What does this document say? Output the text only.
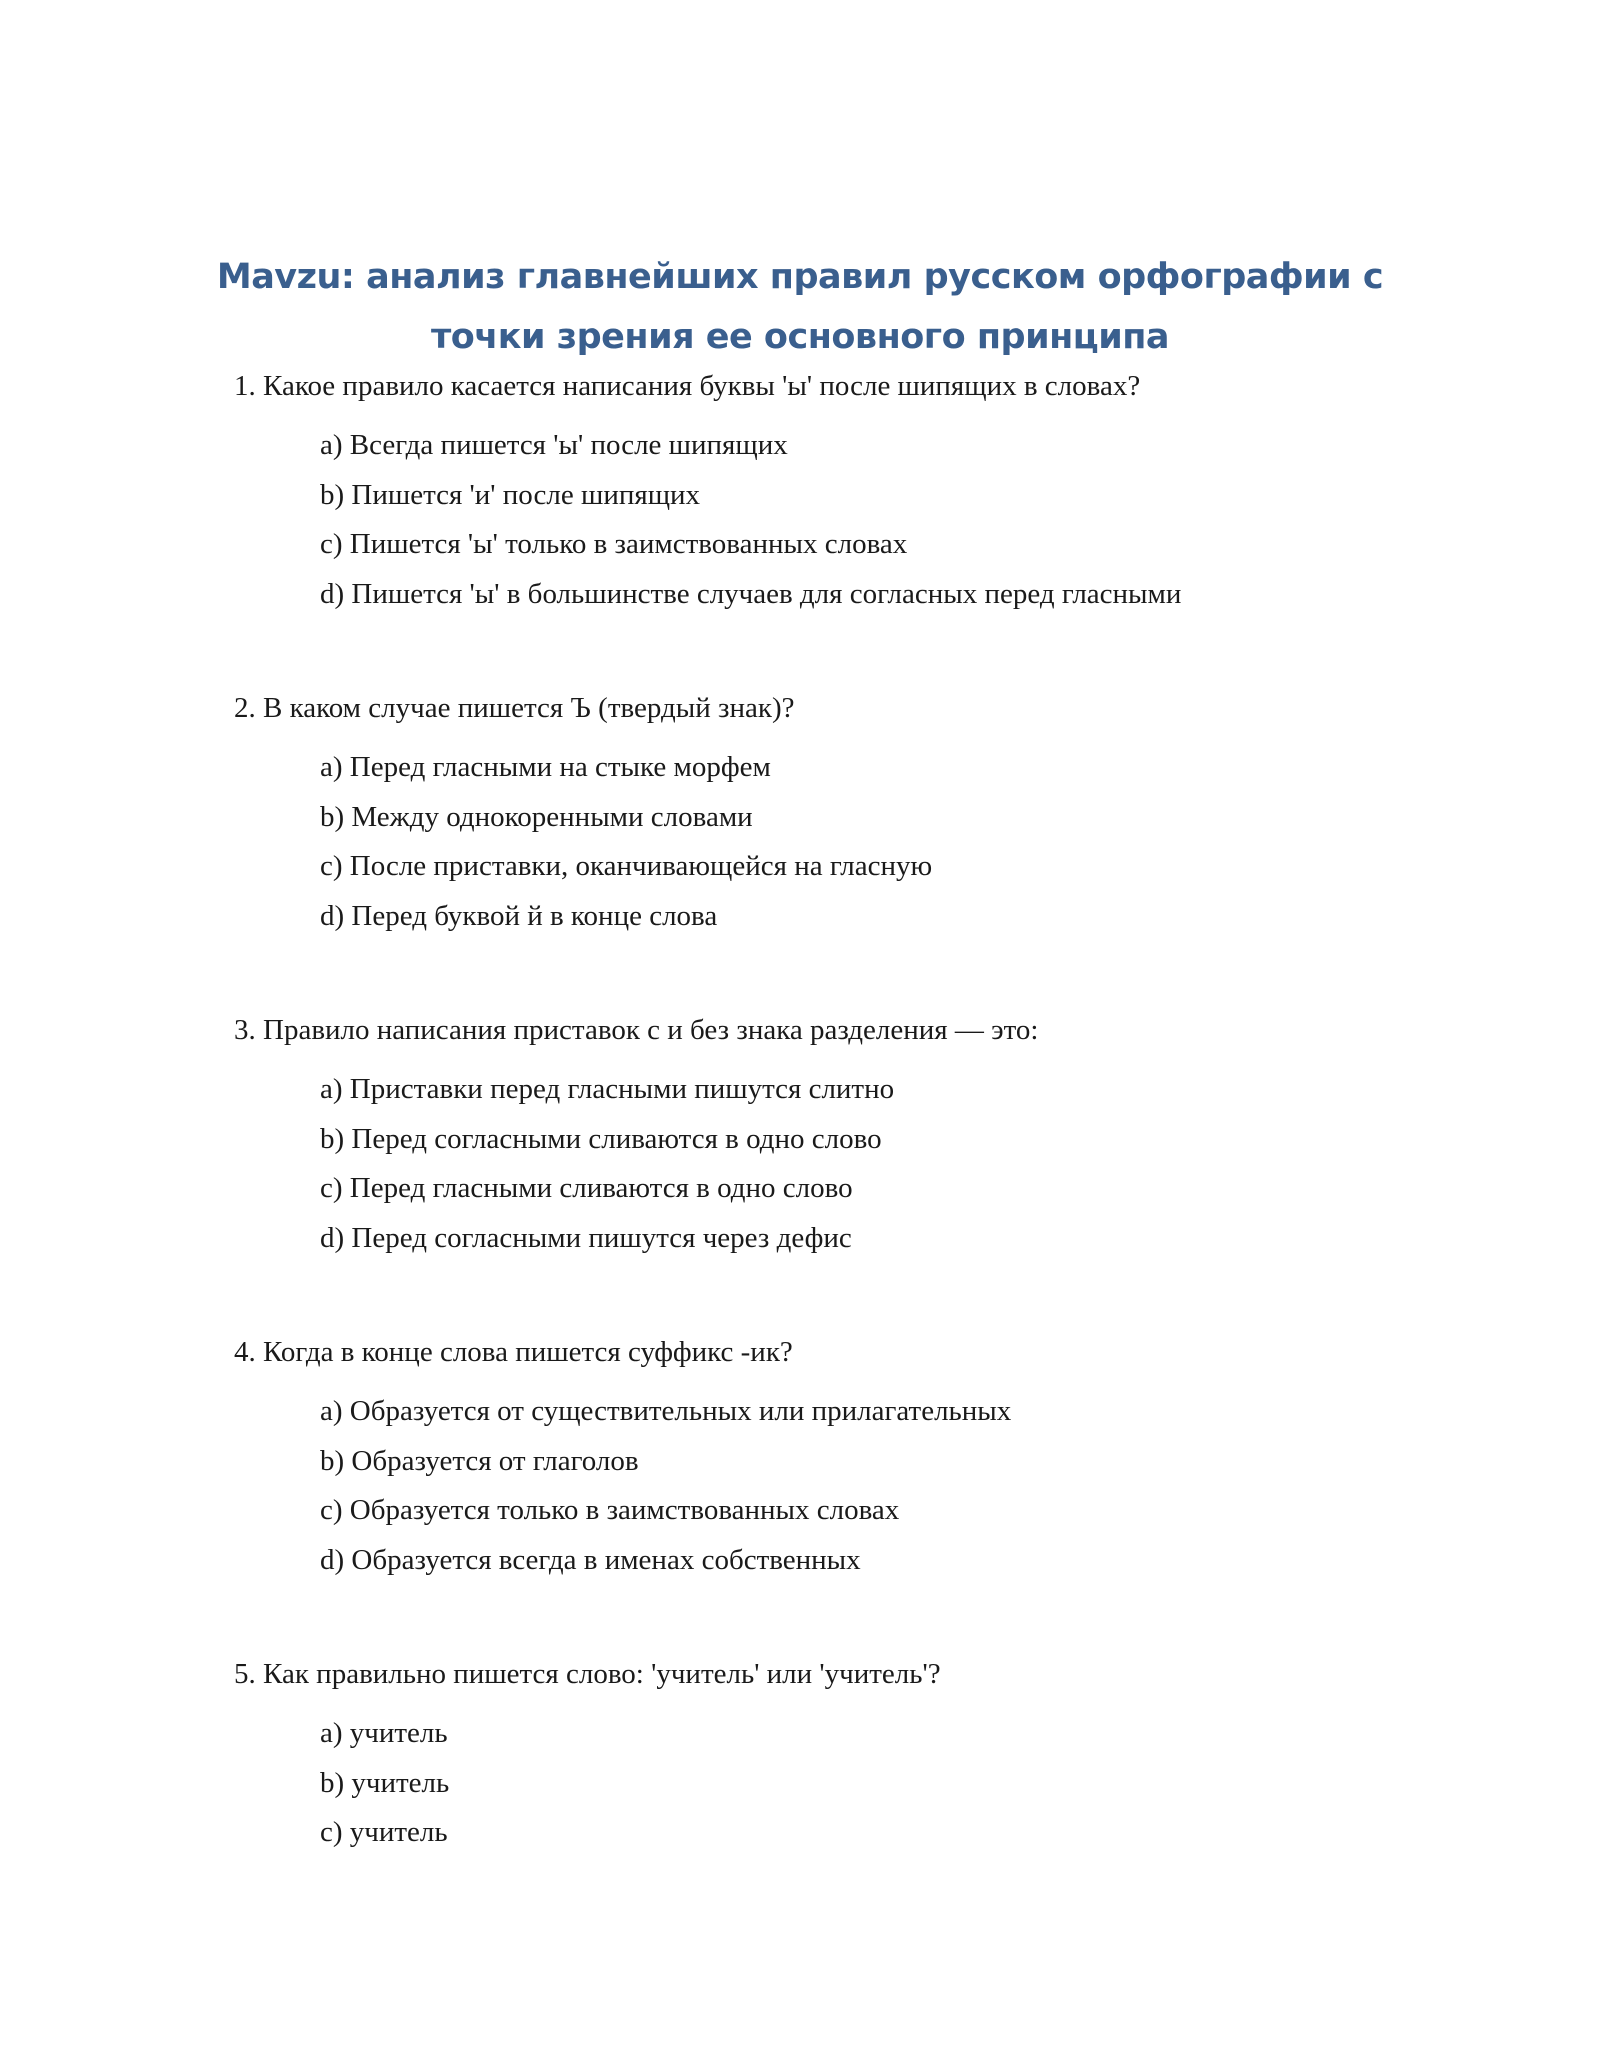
Mavzu: анализ главнейших правил русском орфографии с
точки зрения ее основного принципа

1. Какое правило касается написания буквы 'ы' после шипящих в словах?

a) Всегда пишется 'ы' после шипящих
b) Пишется 'и' после шипящих
c) Пишется 'ы' только в заимствованных словах
d) Пишется 'ы' в большинстве случаев для согласных перед гласными

2. В каком случае пишется Ъ (твердый знак)?

a) Перед гласными на стыке морфем
b) Между однокоренными словами
c) После приставки, оканчивающейся на гласную
d) Перед буквой й в конце слова

3. Правило написания приставок с и без знака разделения — это:

a) Приставки перед гласными пишутся слитно
b) Перед согласными сливаются в одно слово
c) Перед гласными сливаются в одно слово
d) Перед согласными пишутся через дефис

4. Когда в конце слова пишется суффикс -ик?

a) Образуется от существительных или прилагательных
b) Образуется от глаголов
c) Образуется только в заимствованных словах
d) Образуется всегда в именах собственных

5. Как правильно пишется слово: 'учитель' или 'учитель'?

a) учитель
b) учитель
c) учитель
